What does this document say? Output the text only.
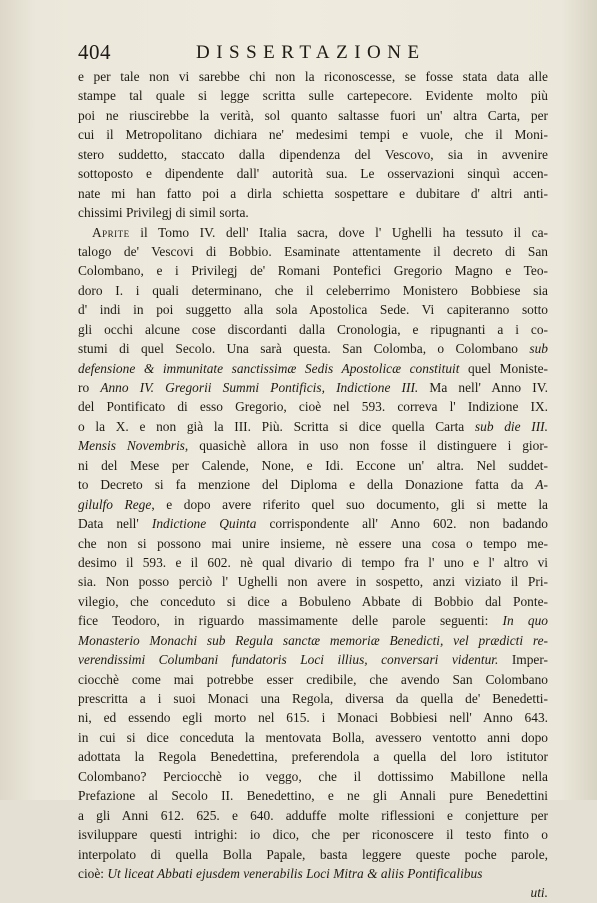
404	DISSERTAZIONE
e per tale non vi sarebbe chi non la riconoscesse, se fosse stata data alle
stampe tal quale si legge scritta sulle cartepecore. Evidente molto più
poi ne riuscirebbe la verità, sol quanto saltasse fuori un' altra Carta, per
cui il Metropolitano dichiara ne' medesimi tempi e vuole, che il Moni-
stero suddetto, staccato dalla dipendenza del Vescovo, sia in avvenire
sottoposto e dipendente dall' autorità sua. Le osservazioni sinquì accen-
nate mi han fatto poi a dirla schietta sospettare e dubitare d' altri anti-
chissimi Privilegj di simil sorta.
Aprite il Tomo IV. dell' Italia sacra, dove l' Ughelli ha tessuto il ca-
talogo de' Vescovi di Bobbio. Esaminate attentamente il decreto di San
Colombano, e i Privilegj de' Romani Pontefici Gregorio Magno e Teo-
doro I. i quali determinano, che il celeberrimo Monistero Bobbiese sia
d' indi in poi suggetto alla sola Apostolica Sede. Vi capiteranno sotto
gli occhi alcune cose discordanti dalla Cronologia, e ripugnanti a i co-
stumi di quel Secolo. Una sarà questa. San Colomba, o Colombano sub
defensione & immunitate sanctissimæ Sedis Apostolicæ constituit quel Moniste-
ro Anno IV. Gregorii Summi Pontificis, Indictione III. Ma nell' Anno IV.
del Pontificato di esso Gregorio, cioè nel 593. correva l' Indizione IX.
o la X. e non già la III. Più. Scritta si dice quella Carta sub die III.
Mensis Novembris, quasichè allora in uso non fosse il distinguere i gior-
ni del Mese per Calende, None, e Idi. Eccone un' altra. Nel suddet-
to Decreto si fa menzione del Diploma e della Donazione fatta da A-
gilulfo Rege, e dopo avere riferito quel suo documento, gli si mette la
Data nell' Indictione Quinta corrispondente all' Anno 602. non badando
che non si possono mai unire insieme, nè essere una cosa o tempo me-
desimo il 593. e il 602. nè qual divario di tempo fra l' uno e l' altro vi
sia. Non posso perciò l' Ughelli non avere in sospetto, anzi viziato il Pri-
vilegio, che conceduto si dice a Bobuleno Abbate di Bobbio dal Ponte-
fice Teodoro, in riguardo massimamente delle parole seguenti: In quo
Monasterio Monachi sub Regula sanctæ memoriæ Benedicti, vel prædicti re-
verendissimi Columbani fundatoris Loci illius, conversari videntur. Imper-
ciocchè come mai potrebbe esser credibile, che avendo San Colombano
prescritta a i suoi Monaci una Regola, diversa da quella de' Benedetti-
ni, ed essendo egli morto nel 615. i Monaci Bobbiesi nell' Anno 643.
in cui si dice conceduta la mentovata Bolla, avessero ventotto anni dopo
adottata la Regola Benedettina, preferendola a quella del loro istitutor
Colombano? Perciocchè io veggo, che il dottissimo Mabillone nella
Prefazione al Secolo II. Benedettino, e ne gli Annali pure Benedettini
a gli Anni 612. 625. e 640. adduffe molte riflessioni e conjetture per
isviluppare questi intrighi: io dico, che per riconoscere il testo finto o
interpolato di quella Bolla Papale, basta leggere queste poche parole,
cioè: Ut liceat Abbati ejusdem venerabilis Loci Mitra & aliis Pontificalibus
uti.
